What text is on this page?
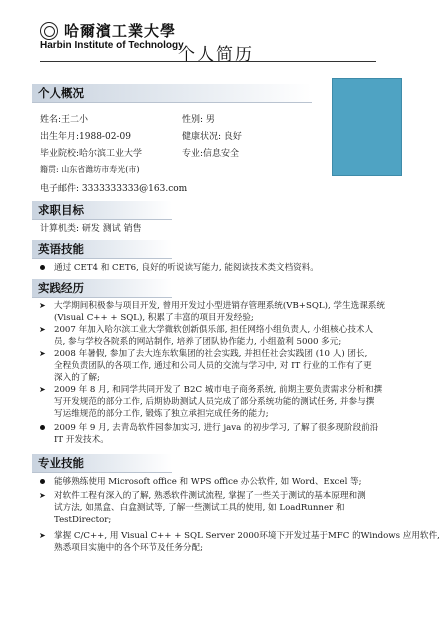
哈爾濱工業大學
Harbin Institute of Technology
个人简历
个人概况
姓名:王二小	性别: 男
出生年月:1988-02-09	健康状况: 良好
毕业院校:哈尔滨工业大学	专业:信息安全
籍贯: 山东省潍坊市寿光(市)
电子邮件: 3333333333@163.com
求职目标
计算机类: 研发 测试 销售
英语技能
通过 CET4 和 CET6, 良好的听说读写能力, 能阅读技术类文档资料。
实践经历
➤ 大学期间积极参与项目开发, 曾用开发过小型进销存管理系统(VB+SQL), 学生选课系统
(Visual C++ + SQL), 积累了丰富的项目开发经验;
➤ 2007 年加入哈尔滨工业大学微软创新俱乐部, 担任网络小组负责人, 小组核心技术人
员, 参与学校各院系的网站制作, 培养了团队协作能力, 小组盈利 5000 多元;
➤ 2008 年暑假, 参加了去大连东软集团的社会实践, 并担任社会实践团 (10 人) 团长,
全程负责团队的各项工作, 通过和公司人员的交流与学习中, 对 IT 行业的工作有了更
深入的了解;
➤ 2009 年 8 月, 和同学共同开发了 B2C 城市电子商务系统, 前期主要负责需求分析和撰
写开发规范的部分工作, 后期协助测试人员完成了部分系统功能的测试任务, 并参与撰
写运维规范的部分工作, 锻炼了独立承担完成任务的能力;
2009 年 9 月, 去青岛软件园参加实习, 进行 java 的初步学习, 了解了很多现阶段前沿
IT 开发技术。
专业技能
能够熟练使用 Microsoft office 和 WPS office 办公软件, 如 Word、Excel 等;
➤ 对软件工程有深入的了解, 熟悉软件测试流程, 掌握了一些关于测试的基本原理和测
试方法, 如黑盒、白盒测试等, 了解一些测试工具的使用, 如 LoadRunner 和
TestDirector;
➤ 掌握 C/C++, 用 Visual C++ + SQL Server 2000环境下开发过基于MFC 的Windows 应用软件,
熟悉项目实施中的各个环节及任务分配;
